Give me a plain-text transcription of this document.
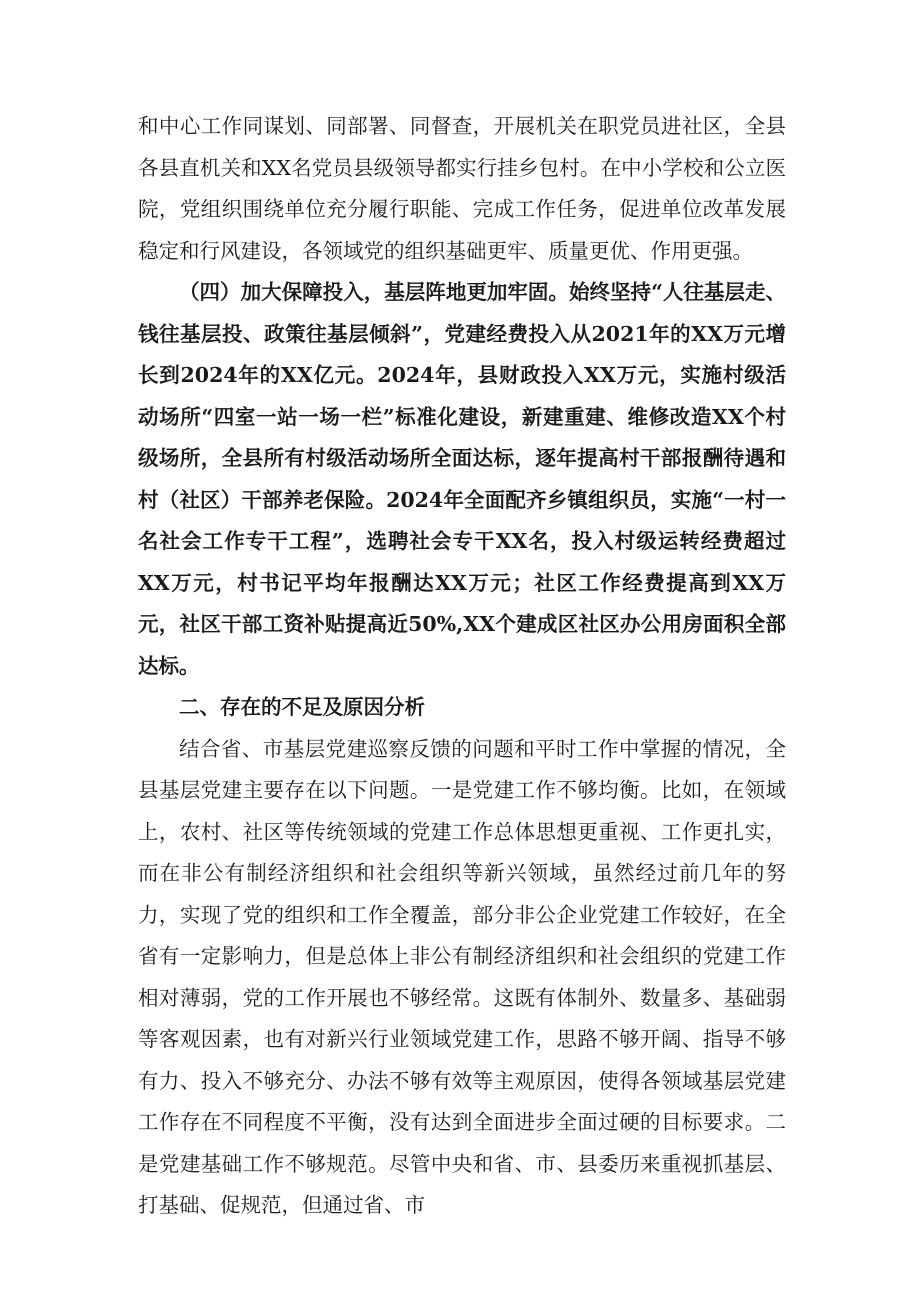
和中心工作同谋划、同部署、同督查，开展机关在职党员进社区，全县各县直机关和XX名党员县级领导都实行挂乡包村。在中小学校和公立医院，党组织围绕单位充分履行职能、完成工作任务，促进单位改革发展稳定和行风建设，各领域党的组织基础更牢、质量更优、作用更强。

（四）加大保障投入，基层阵地更加牢固。始终坚持“人往基层走、钱往基层投、政策往基层倾斜”，党建经费投入从2021年的XX万元增长到2024年的XX亿元。2024年，县财政投入XX万元，实施村级活动场所“四室一站一场一栏”标准化建设，新建重建、维修改造XX个村级场所，全县所有村级活动场所全面达标，逐年提高村干部报酬待遇和村（社区）干部养老保险。2024年全面配齐乡镇组织员，实施“一村一名社会工作专干工程”，选聘社会专干XX名，投入村级运转经费超过XX万元，村书记平均年报酬达XX万元；社区工作经费提高到XX万元，社区干部工资补贴提高近50%,XX个建成区社区办公用房面积全部达标。

二、存在的不足及原因分析

结合省、市基层党建巡察反馈的问题和平时工作中掌握的情况，全县基层党建主要存在以下问题。一是党建工作不够均衡。比如，在领域上，农村、社区等传统领域的党建工作总体思想更重视、工作更扎实，而在非公有制经济组织和社会组织等新兴领域，虽然经过前几年的努力，实现了党的组织和工作全覆盖，部分非公企业党建工作较好，在全省有一定影响力，但是总体上非公有制经济组织和社会组织的党建工作相对薄弱，党的工作开展也不够经常。这既有体制外、数量多、基础弱等客观因素，也有对新兴行业领域党建工作，思路不够开阔、指导不够有力、投入不够充分、办法不够有效等主观原因，使得各领域基层党建工作存在不同程度不平衡，没有达到全面进步全面过硬的目标要求。二是党建基础工作不够规范。尽管中央和省、市、县委历来重视抓基层、打基础、促规范，但通过省、市
